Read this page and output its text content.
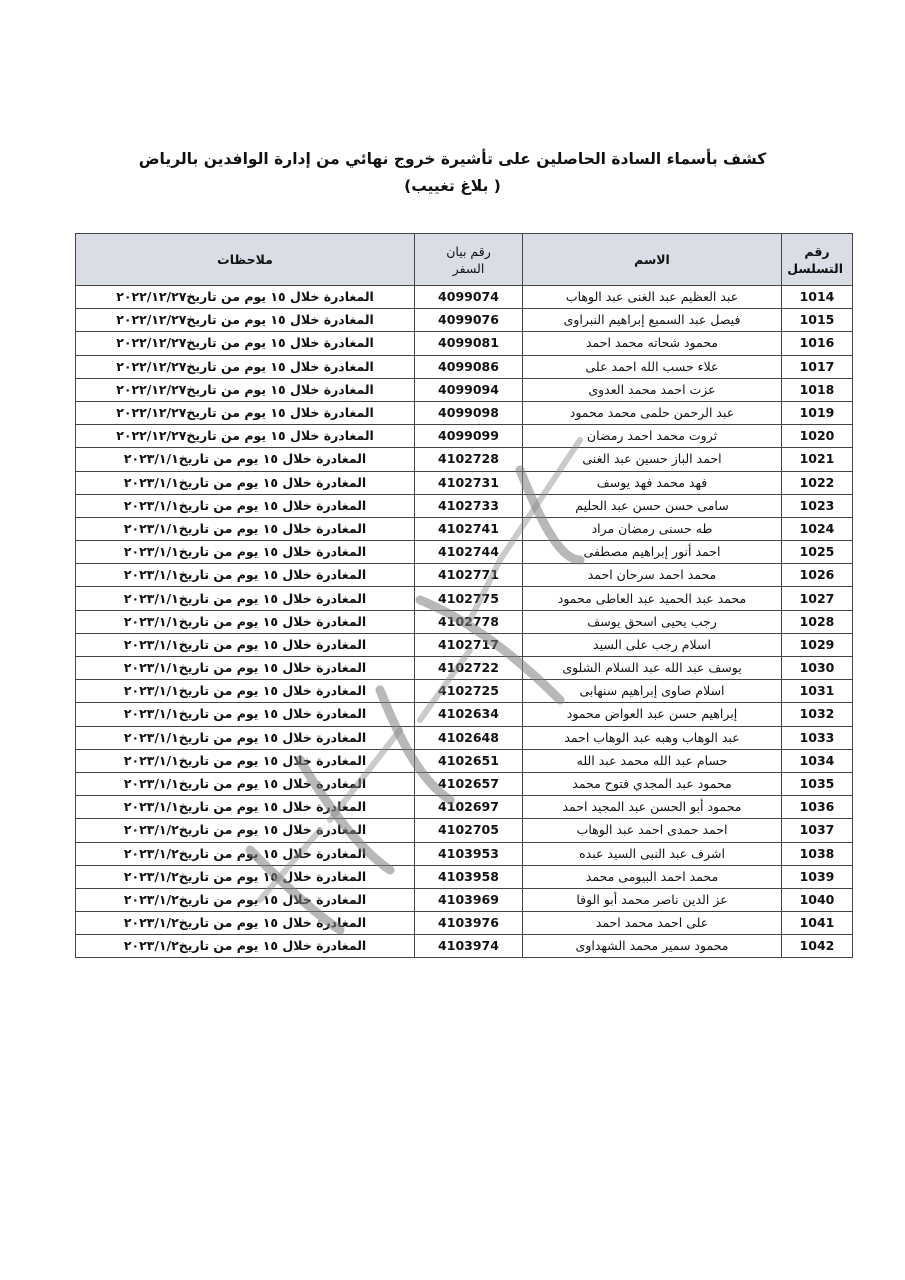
كشف بأسماء السادة الحاصلين على تأشيرة خروج نهائي من إدارة الوافدين بالرياض
( بلاغ تغييب)
رقم التسلسل	الاسم	رقم بيان السفر	ملاحظات
1014	عبد العظيم عبد الغنى عبد الوهاب	4099074	المغادرة خلال ١٥ يوم من تاريخ٢٠٢٢/١٢/٢٧
1015	فيصل عبد السميع إبراهيم النبراوى	4099076	المغادرة خلال ١٥ يوم من تاريخ٢٠٢٢/١٢/٢٧
1016	محمود شحاته محمد احمد	4099081	المغادرة خلال ١٥ يوم من تاريخ٢٠٢٢/١٢/٢٧
1017	علاء حسب الله احمد على	4099086	المغادرة خلال ١٥ يوم من تاريخ٢٠٢٢/١٢/٢٧
1018	عزت احمد محمد العدوى	4099094	المغادرة خلال ١٥ يوم من تاريخ٢٠٢٢/١٢/٢٧
1019	عبد الرحمن حلمى محمد محمود	4099098	المغادرة خلال ١٥ يوم من تاريخ٢٠٢٢/١٢/٢٧
1020	ثروت محمد احمد رمضان	4099099	المغادرة خلال ١٥ يوم من تاريخ٢٠٢٢/١٢/٢٧
1021	احمد الباز حسين عبد الغنى	4102728	المغادرة خلال ١٥ يوم من تاريخ٢٠٢٣/١/١
1022	فهد محمد فهد يوسف	4102731	المغادرة خلال ١٥ يوم من تاريخ٢٠٢٣/١/١
1023	سامى حسن حسن عبد الحليم	4102733	المغادرة خلال ١٥ يوم من تاريخ٢٠٢٣/١/١
1024	طه حسنى رمضان مراد	4102741	المغادرة خلال ١٥ يوم من تاريخ٢٠٢٣/١/١
1025	احمد أنور إبراهيم مصطفى	4102744	المغادرة خلال ١٥ يوم من تاريخ٢٠٢٣/١/١
1026	محمد احمد سرحان احمد	4102771	المغادرة خلال ١٥ يوم من تاريخ٢٠٢٣/١/١
1027	محمد عبد الحميد عبد العاطى محمود	4102775	المغادرة خلال ١٥ يوم من تاريخ٢٠٢٣/١/١
1028	رجب يحيى اسحق يوسف	4102778	المغادرة خلال ١٥ يوم من تاريخ٢٠٢٣/١/١
1029	اسلام رجب على السيد	4102717	المغادرة خلال ١٥ يوم من تاريخ٢٠٢٣/١/١
1030	يوسف عبد الله عبد السلام الشلوى	4102722	المغادرة خلال ١٥ يوم من تاريخ٢٠٢٣/١/١
1031	اسلام صاوى إبراهيم سنهابى	4102725	المغادرة خلال ١٥ يوم من تاريخ٢٠٢٣/١/١
1032	إبراهيم حسن عبد العواض محمود	4102634	المغادرة خلال ١٥ يوم من تاريخ٢٠٢٣/١/١
1033	عبد الوهاب وهبه عبد الوهاب احمد	4102648	المغادرة خلال ١٥ يوم من تاريخ٢٠٢٣/١/١
1034	حسام عبد الله محمد عبد الله	4102651	المغادرة خلال ١٥ يوم من تاريخ٢٠٢٣/١/١
1035	محمود عبد المجدي فتوح محمد	4102657	المغادرة خلال ١٥ يوم من تاريخ٢٠٢٣/١/١
1036	محمود أبو الحسن عبد المجيد احمد	4102697	المغادرة خلال ١٥ يوم من تاريخ٢٠٢٣/١/١
1037	احمد حمدى احمد عبد الوهاب	4102705	المغادرة خلال ١٥ يوم من تاريخ٢٠٢٣/١/٢
1038	اشرف عبد النبى السيد عبده	4103953	المغادرة خلال ١٥ يوم من تاريخ٢٠٢٣/١/٢
1039	محمد احمد البيومى محمد	4103958	المغادرة خلال ١٥ يوم من تاريخ٢٠٢٣/١/٢
1040	عز الدين ناصر محمد أبو الوفا	4103969	المغادرة خلال ١٥ يوم من تاريخ٢٠٢٣/١/٢
1041	على احمد محمد احمد	4103976	المغادرة خلال ١٥ يوم من تاريخ٢٠٢٣/١/٢
1042	محمود سمير محمد الشهداوى	4103974	المغادرة خلال ١٥ يوم من تاريخ٢٠٢٣/١/٢
